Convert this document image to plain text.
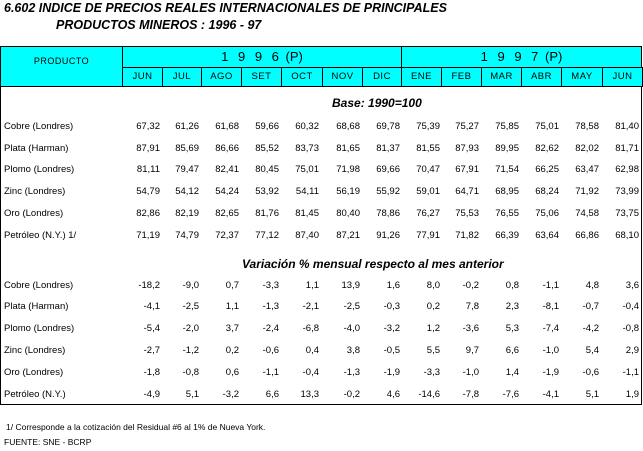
6.602 INDICE DE PRECIOS REALES INTERNACIONALES DE PRINCIPALES
PRODUCTOS MINEROS : 1996 - 97
PRODUCTO	1 9 9 6 (P)	1 9 9 7 (P)
JUN	JUL	AGO	SET	OCT	NOV	DIC	ENE	FEB	MAR	ABR	MAY	JUN
Base: 1990=100
Variación % mensual respecto al mes anterior
Cobre (Londres)	67,32	61,26	61,68	59,66	60,32	68,68	69,78	75,39	75,27	75,85	75,01	78,58	81,40
Plata (Harman)	87,91	85,69	86,66	85,52	83,73	81,65	81,37	81,55	87,93	89,95	82,62	82,02	81,71
Plomo (Londres)	81,11	79,47	82,41	80,45	75,01	71,98	69,66	70,47	67,91	71,54	66,25	63,47	62,98
Zinc (Londres)	54,79	54,12	54,24	53,92	54,11	56,19	55,92	59,01	64,71	68,95	68,24	71,92	73,99
Oro (Londres)	82,86	82,19	82,65	81,76	81,45	80,40	78,86	76,27	75,53	76,55	75,06	74,58	73,75
Petróleo (N.Y.) 1/	71,19	74,79	72,37	77,12	87,40	87,21	91,26	77,91	71,82	66,39	63,64	66,86	68,10
Cobre (Londres)	-18,2	-9,0	0,7	-3,3	1,1	13,9	1,6	8,0	-0,2	0,8	-1,1	4,8	3,6
Plata (Harman)	-4,1	-2,5	1,1	-1,3	-2,1	-2,5	-0,3	0,2	7,8	2,3	-8,1	-0,7	-0,4
Plomo (Londres)	-5,4	-2,0	3,7	-2,4	-6,8	-4,0	-3,2	1,2	-3,6	5,3	-7,4	-4,2	-0,8
Zinc (Londres)	-2,7	-1,2	0,2	-0,6	0,4	3,8	-0,5	5,5	9,7	6,6	-1,0	5,4	2,9
Oro (Londres)	-1,8	-0,8	0,6	-1,1	-0,4	-1,3	-1,9	-3,3	-1,0	1,4	-1,9	-0,6	-1,1
Petróleo (N.Y.)	-4,9	5,1	-3,2	6,6	13,3	-0,2	4,6	-14,6	-7,8	-7,6	-4,1	5,1	1,9
1/ Corresponde a la cotización del Residual #6 al 1% de Nueva York.
FUENTE: SNE - BCRP
